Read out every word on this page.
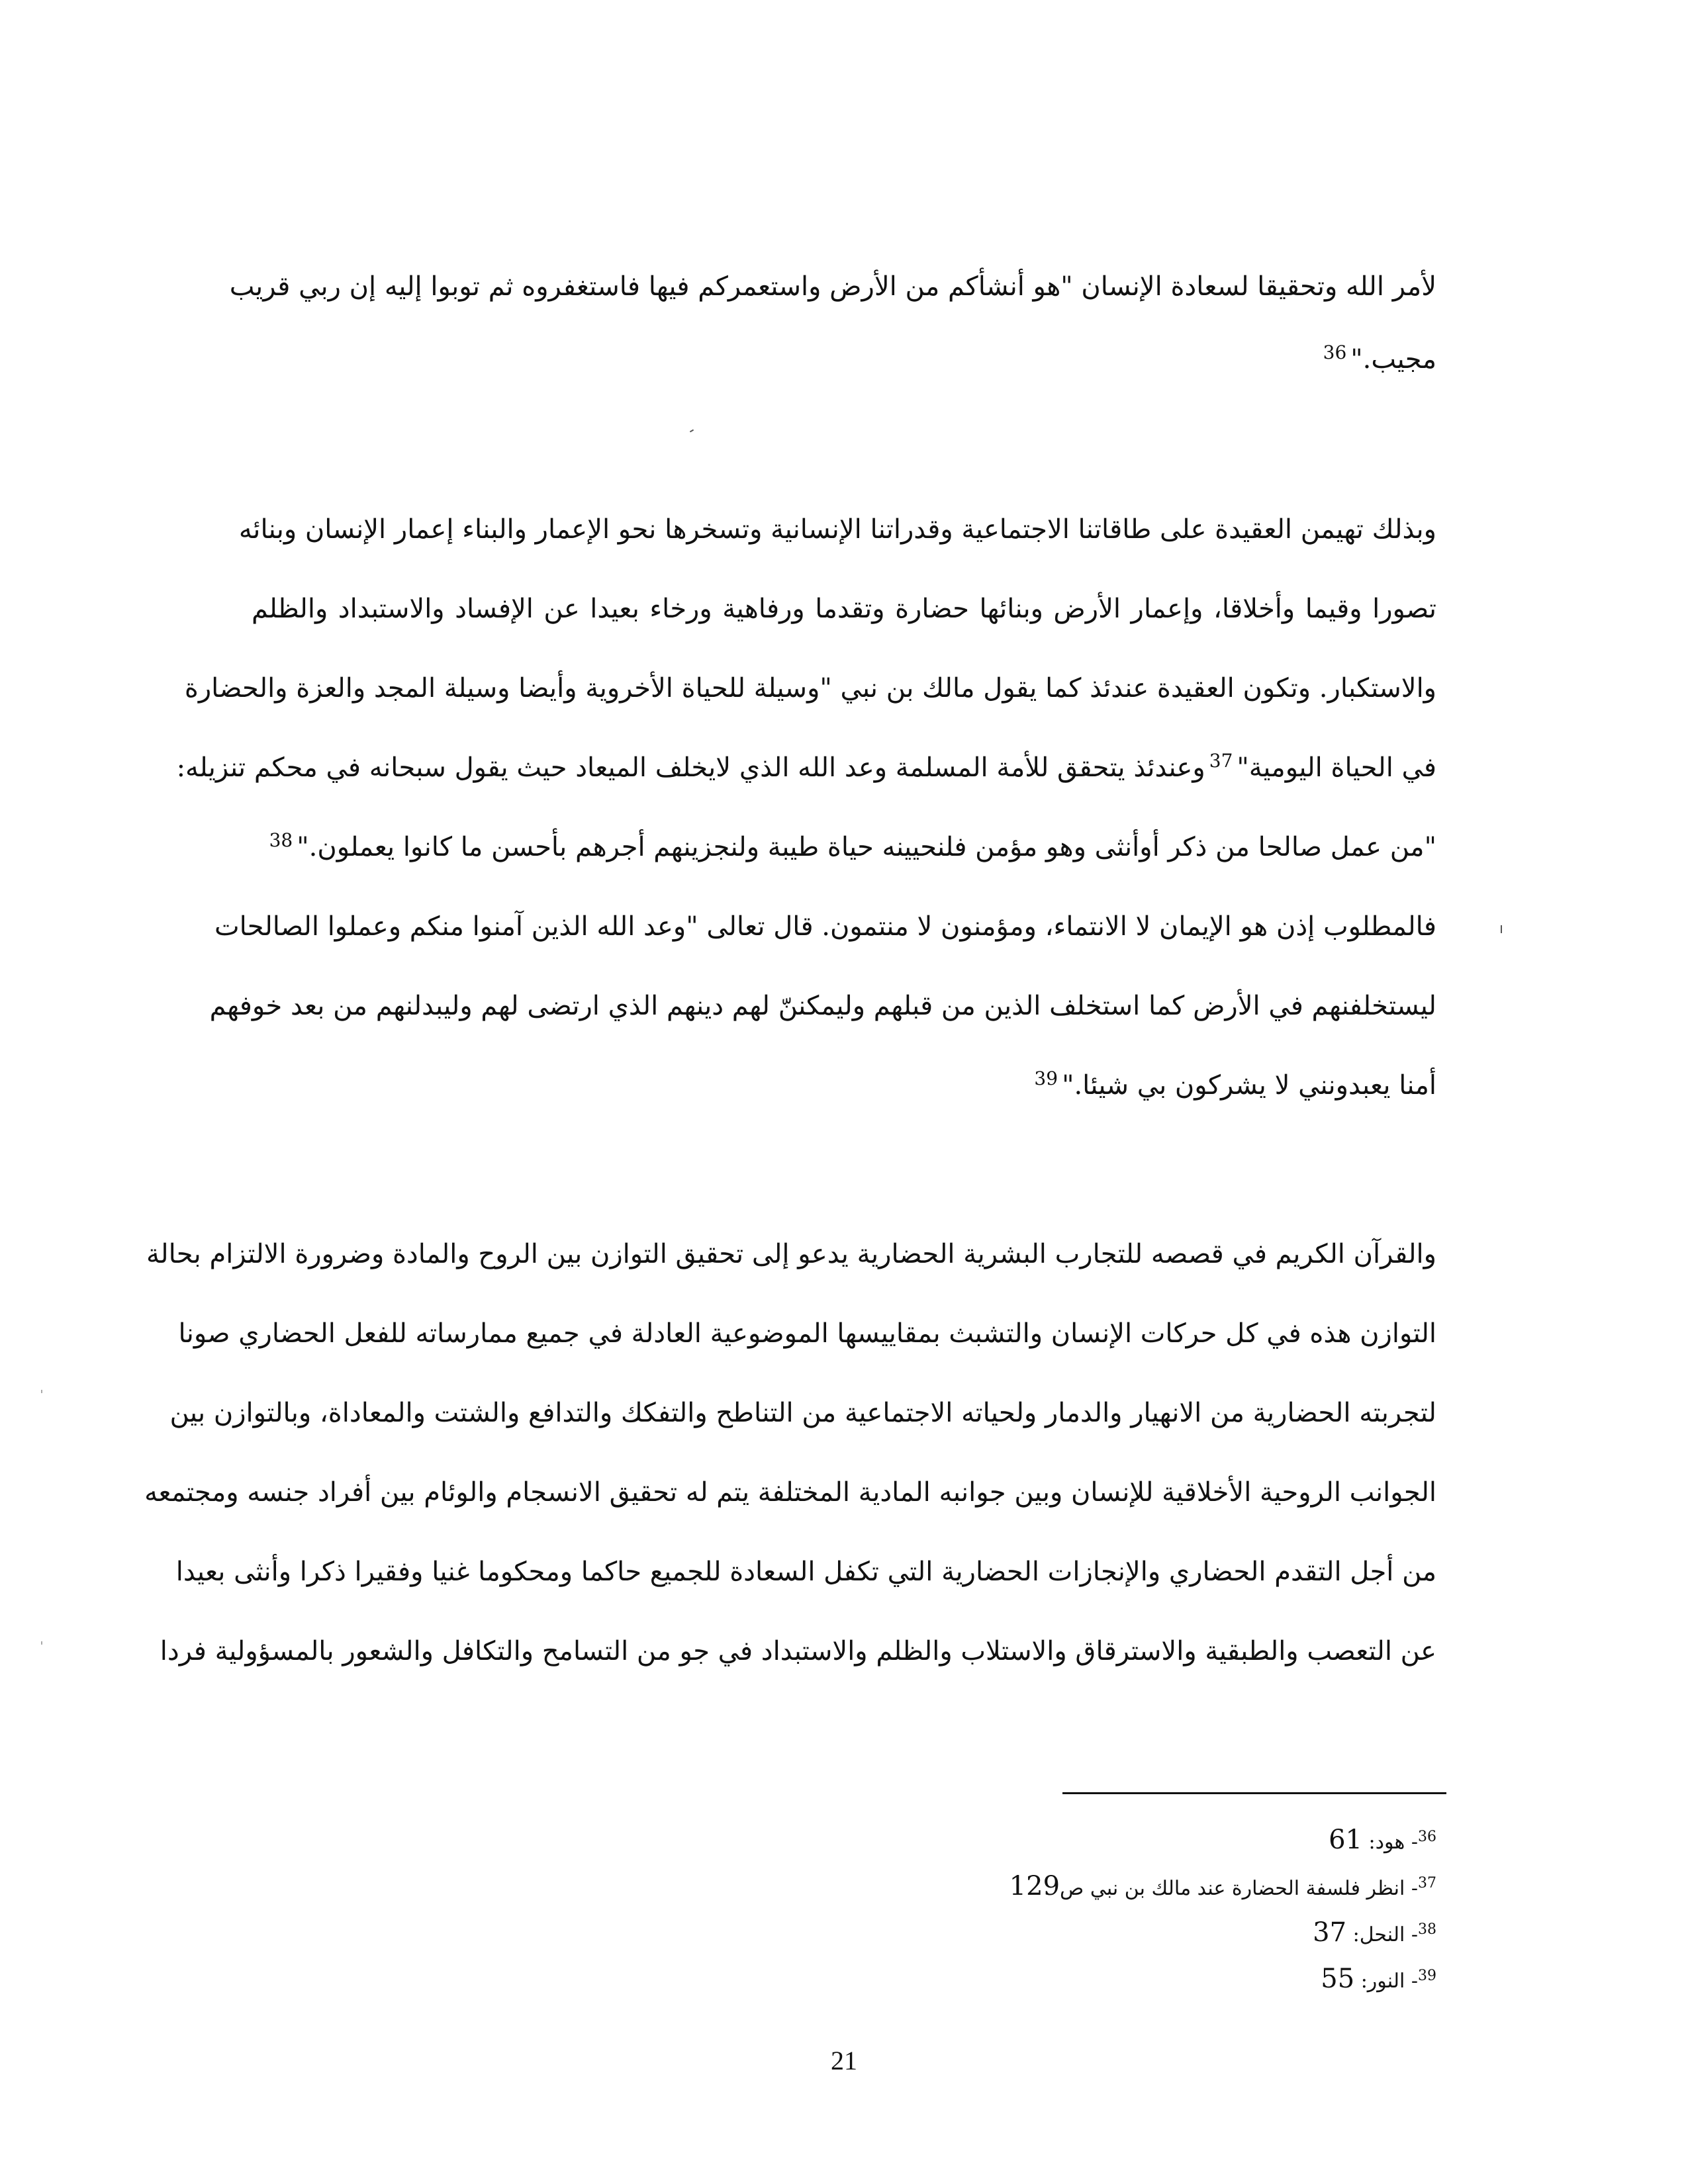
لأمر الله وتحقيقا لسعادة الإنسان "هو أنشأكم من الأرض واستعمركم فيها فاستغفروه ثم توبوا إليه إن ربي قريب
مجيب."$^{36}$
وبذلك تهيمن العقيدة على طاقاتنا الاجتماعية وقدراتنا الإنسانية وتسخرها نحو الإعمار والبناء إعمار الإنسان وبنائه
تصورا وقيما وأخلاقا، وإعمار الأرض وبنائها حضارة وتقدما ورفاهية ورخاء بعيدا عن الإفساد والاستبداد والظلم
والاستكبار. وتكون العقيدة عندئذ كما يقول مالك بن نبي "وسيلة للحياة الأخروية وأيضا وسيلة المجد والعزة والحضارة
في الحياة اليومية"$^{37}$وعندئذ يتحقق للأمة المسلمة وعد الله الذي لايخلف الميعاد حيث يقول سبحانه في محكم تنزيله:
"من عمل صالحا من ذكر أوأنثى وهو مؤمن فلنحيينه حياة طيبة ولنجزينهم أجرهم بأحسن ما كانوا يعملون."$^{38}$
فالمطلوب إذن هو الإيمان لا الانتماء، ومؤمنون لا منتمون. قال تعالى "وعد الله الذين آمنوا منكم وعملوا الصالحات
ليستخلفنهم في الأرض كما استخلف الذين من قبلهم وليمكننّ لهم دينهم الذي ارتضى لهم وليبدلنهم من بعد خوفهم
أمنا يعبدونني لا يشركون بي شيئا."$^{39}$
والقرآن الكريم في قصصه للتجارب البشرية الحضارية يدعو إلى تحقيق التوازن بين الروح والمادة وضرورة الالتزام بحالة
التوازن هذه في كل حركات الإنسان والتشبث بمقاييسها الموضوعية العادلة في جميع ممارساته للفعل الحضاري صونا
لتجربته الحضارية من الانهيار والدمار ولحياته الاجتماعية من التناطح والتفكك والتدافع والشتت والمعاداة، وبالتوازن بين
الجوانب الروحية الأخلاقية للإنسان وبين جوانبه المادية المختلفة يتم له تحقيق الانسجام والوئام بين أفراد جنسه ومجتمعه
من أجل التقدم الحضاري والإنجازات الحضارية التي تكفل السعادة للجميع حاكما ومحكوما غنيا وفقيرا ذكرا وأنثى بعيدا
عن التعصب والطبقية والاسترقاق والاستلاب والظلم والاستبداد في جو من التسامح والتكافل والشعور بالمسؤولية فردا
$^{36}$- هود: 61
$^{37}$- انظر فلسفة الحضارة عند مالك بن نبي ص129
$^{38}$- النحل: 37
$^{39}$- النور: 55
21
